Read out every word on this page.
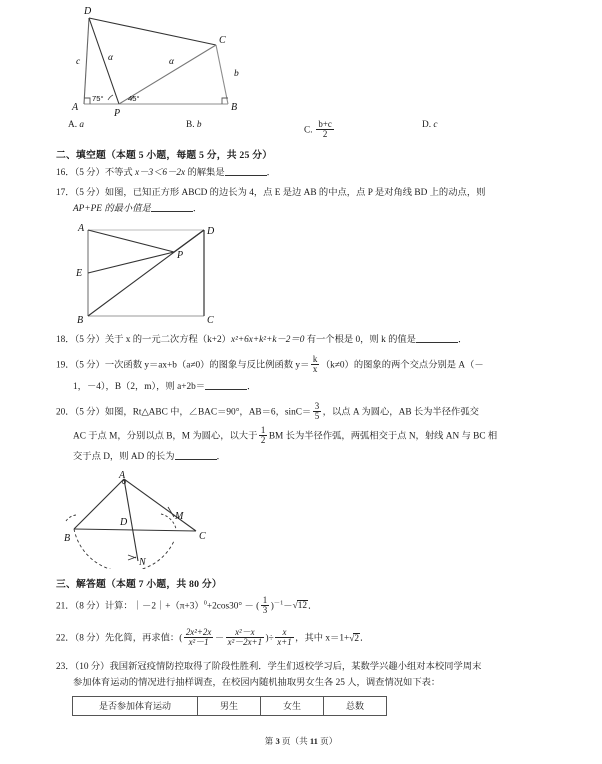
D
C
A	B
P
c
b
α	α
75°	45°
A. a	B. b
C. $\frac{b+c}{2}$	D. c
二、填空题（本题 5 小题，每题 5 分，共 25 分）
16．（5 分）不等式 x－3＜6－2x 的解集是	．
17．（5 分）如图，已知正方形 ABCD 的边长为 4，点 E 是边 AB 的中点，点 P 是对角线 BD 上的动点，则
AP+PE 的最小值是	．
A	D
E
P
B	C
18．（5 分）关于 x 的一元二次方程（k+2）x²+6x+k²+k－2＝0 有一个根是 0，则 k 的值是	．
19．（5 分）一次函数 y＝ax+b（a≠0）的图象与反比例函数 $y= \frac{k}{x} (k\ne 0)$的图象的两个交点分别是 A（－
1，－4），B（2，m），则 a+2b＝	．
20．（5 分）如图，Rt△ABC 中，∠BAC＝90°，AB＝6，$\sin C= \frac{3}{5}$ ，以点 A 为圆心，AB 长为半径作弧交
AC 于点 M，分别以点 B，M 为圆心，以大于 $\frac{1}{2}$ BM 长为半径作弧，两弧相交于点 N，射线 AN 与 BC 相
交于点 D，则 AD 的长为	．
A
B	C
D
M
N
三、解答题（本题 7 小题，共 80 分）
21．（8 分）计算：$|-2|+(\pi+3)^0+2\cos 30^\circ$ － ( $\frac{1}{3} )^{-1}-√12$．
22．（8 分）先化简，再求值：( $\frac{\text{2x²+2x}}{\text{x²－1}} - \frac{\text{x²－x}}{\text{x²－2x+1}}$ )÷ $\frac{x}{x+1}$ ，其中 x＝1+√2．
23．（10 分）我国新冠疫情防控取得了阶段性胜利．学生们返校学习后，某数学兴趣小组对本校同学周末
参加体育运动的情况进行抽样调查，在校园内随机抽取男女生各 25 人，调查情况如下表：
是否参加体育运动	男生	女生	总数
第 3 页（共 11 页）
